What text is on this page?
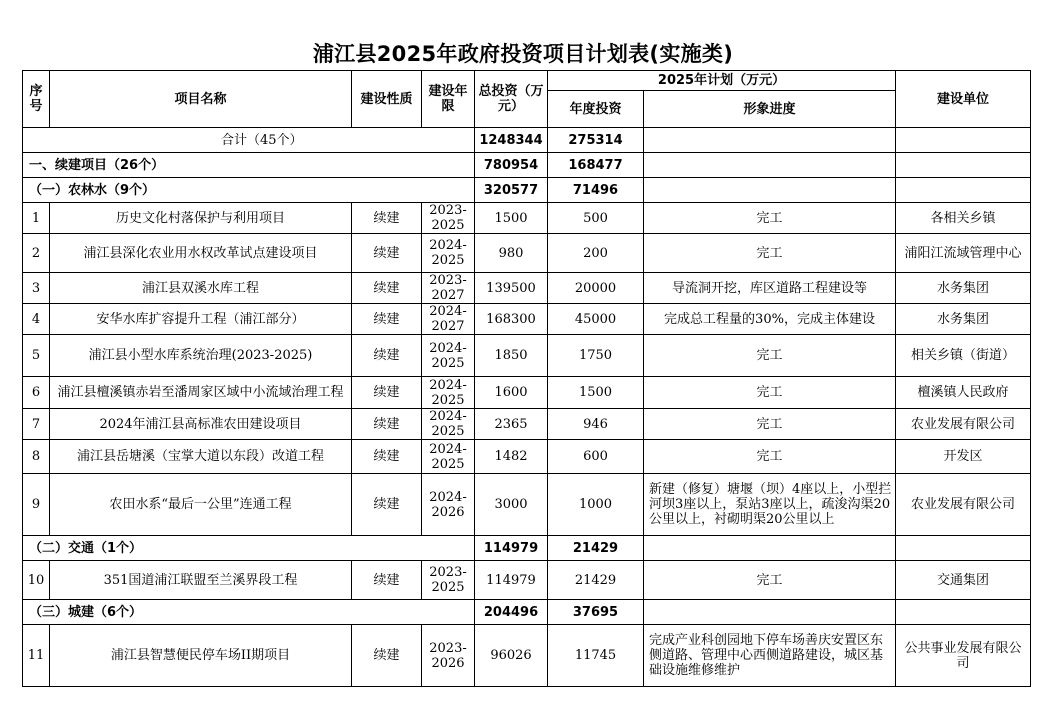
浦江县2025年政府投资项目计划表(实施类)
序号	项目名称	建设性质	建设年限	总投资（万元）	2025年计划（万元）		建设单位
					年度投资	形象进度	
	合计（45个）			1248344	275314		
一、续建项目（26个）				780954	168477		
（一）农林水（9个）				320577	71496		
1	历史文化村落保护与利用项目	续建	2023-2025	1500	500	完工	各相关乡镇
2	浦江县深化农业用水权改革试点建设项目	续建	2024-2025	980	200	完工	浦阳江流域管理中心
3	浦江县双溪水库工程	续建	2023-2027	139500	20000	导流洞开挖，库区道路工程建设等	水务集团
4	安华水库扩容提升工程（浦江部分）	续建	2024-2027	168300	45000	完成总工程量的30%，完成主体建设	水务集团
5	浦江县小型水库系统治理(2023-2025)	续建	2024-2025	1850	1750	完工	相关乡镇（街道）
6	浦江县檀溪镇赤岩至潘周家区域中小流域治理工程	续建	2024-2025	1600	1500	完工	檀溪镇人民政府
7	2024年浦江县高标准农田建设项目	续建	2024-2025	2365	946	完工	农业发展有限公司
8	浦江县岳塘溪（宝掌大道以东段）改道工程	续建	2024-2025	1482	600	完工	开发区
9	农田水系“最后一公里”连通工程	续建	2024-2026	3000	1000	新建（修复）塘堰（坝）4座以上，小型拦河坝3座以上，泵站3座以上，疏浚沟渠20公里以上，衬砌明渠20公里以上	农业发展有限公司
（二）交通（1个）				114979	21429		
10	351国道浦江联盟至兰溪界段工程	续建	2023-2025	114979	21429	完工	交通集团
（三）城建（6个）				204496	37695		
11	浦江县智慧便民停车场II期项目	续建	2023-2026	96026	11745	完成产业科创园地下停车场善庆安置区东侧道路、管理中心西侧道路建设，城区基础设施维修维护	公共事业发展有限公司
